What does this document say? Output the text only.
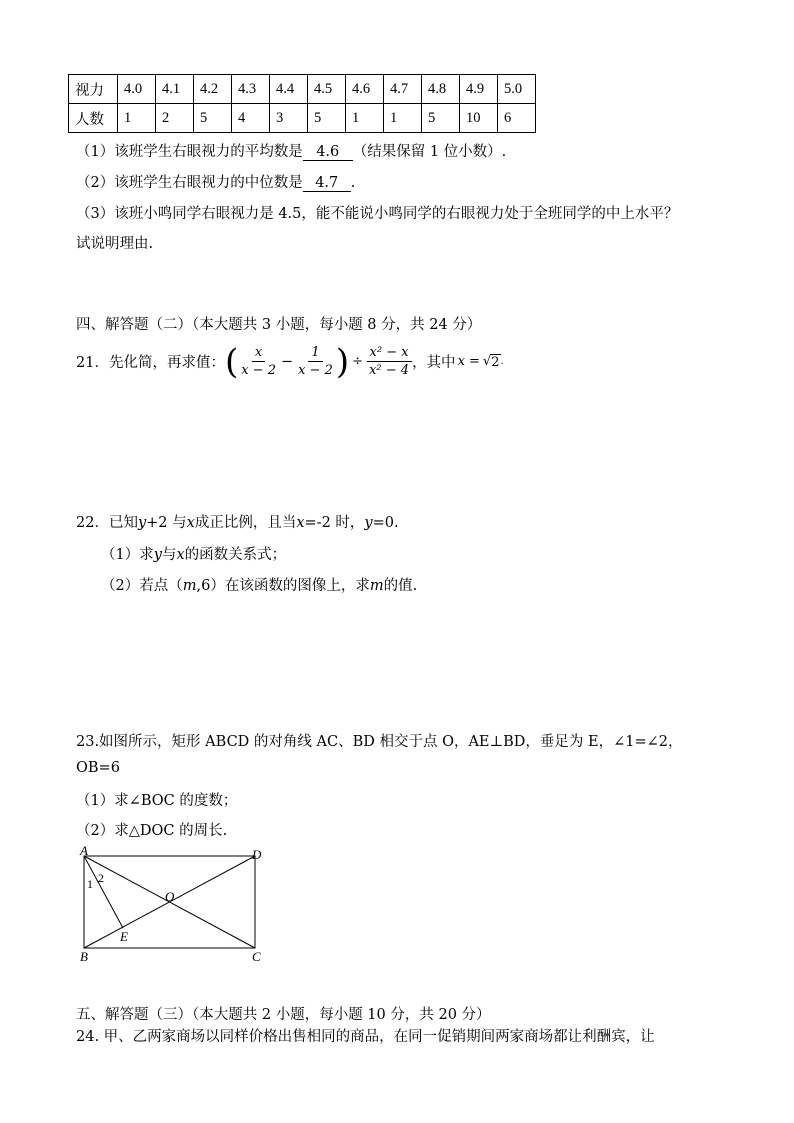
视力	4.0	4.1	4.2	4.3	4.4	4.5	4.6	4.7	4.8	4.9	5.0
人数	1	2	5	4	3	5	1	1	5	10	6
（1）该班学生右眼视力的平均数是 4.6 （结果保留 1 位小数）.
（2）该班学生右眼视力的中位数是 4.7 .
（3）该班小鸣同学右眼视力是 4.5，能不能说小鸣同学的右眼视力处于全班同学的中上水平？
试说明理由.
四、解答题（二）（本大题共 3 小题，每小题 8 分，共 24 分）
21．先化简，再求值： ( $\frac{x}{x - 2} - \frac{1}{x - 2}$ ) ÷ $\frac{\text{x² − x}}{\text{x² − 4}}$ ，其中 x = √ 2 .
22．已知y+2 与x成正比例，且当x=-2 时，y=0.
（1）求y与x的函数关系式；
（2）若点（m,6）在该函数的图像上，求m的值.
23.如图所示，矩形 ABCD 的对角线 AC、BD 相交于点 O，AE⊥BD，垂足为 E，∠1=∠2，
OB=6
（1）求∠BOC 的度数；
（2）求△DOC 的周长.
A
B	C
D
O
E
1 2
五、解答题（三）（本大题共 2 小题，每小题 10 分，共 20 分）
24. 甲、乙两家商场以同样价格出售相同的商品，在同一促销期间两家商场都让利酬宾，让
